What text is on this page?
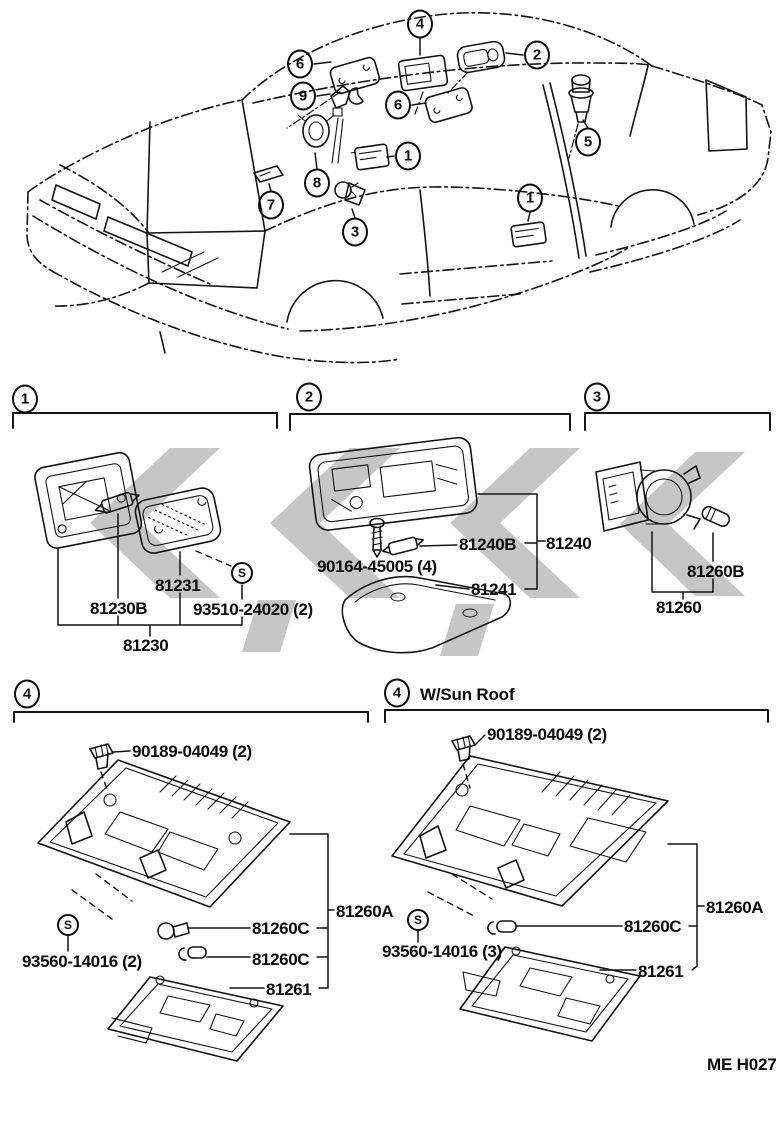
81230B
81231
93510-24020 (2)
81230
90164-45005 (4)
81240B 81240
81241
81260B
81260
90189-04049 (2)
81260A
81260C
81260C
93560-14016 (2)
81261
90189-04049 (2)
81260A
81260C
93560-14016 (3)
81261
W/Sun Roof
4
2
6
9
6
5
1
8
7	1
3
1	2	3
4	4
S
S	S
ME H027
